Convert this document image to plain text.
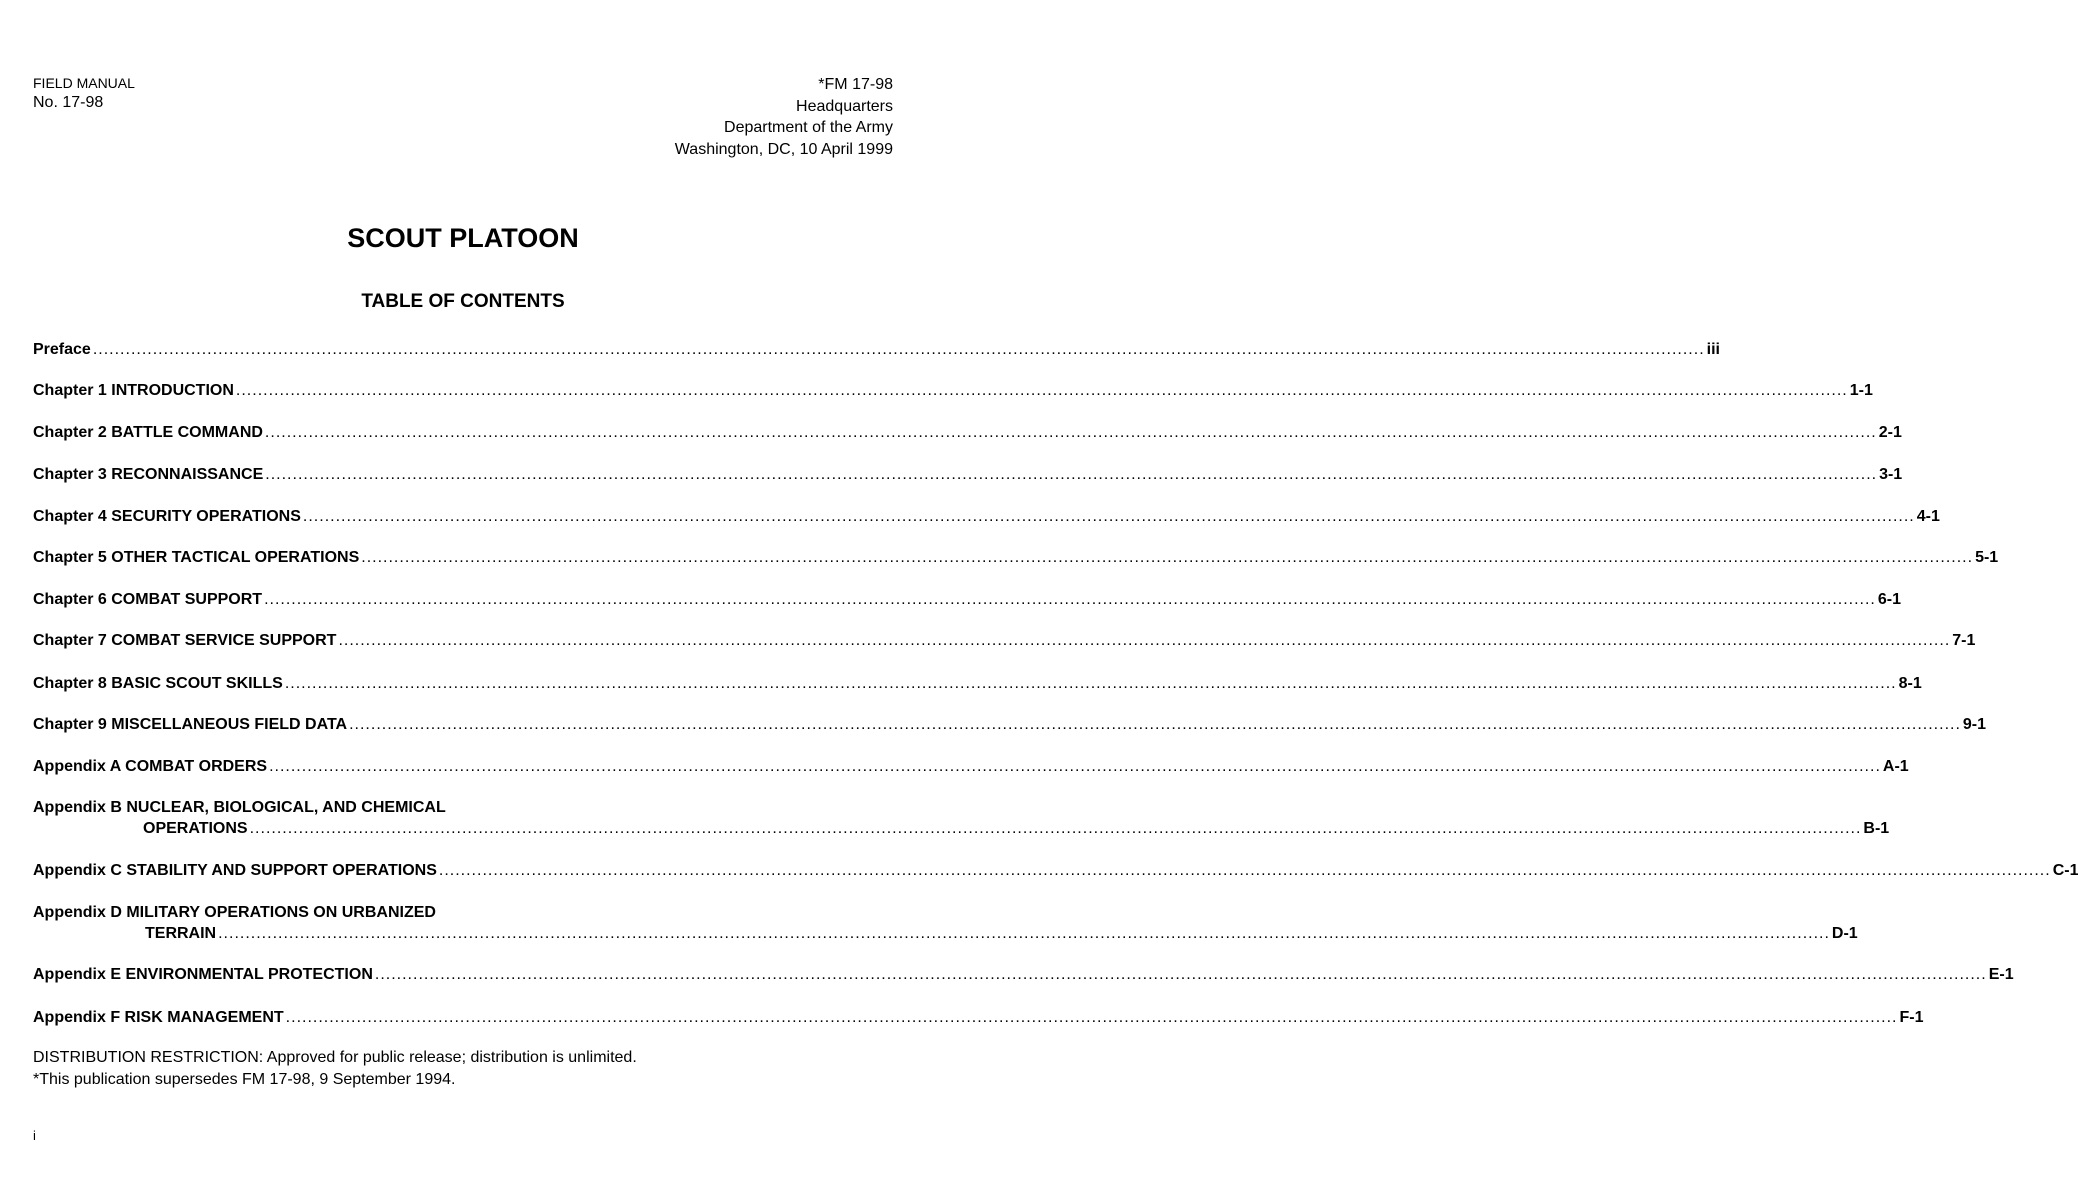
FIELD MANUAL
No. 17-98
*FM 17-98
Headquarters
Department of the Army
Washington, DC, 10 April 1999
SCOUT PLATOON
TABLE OF CONTENTS
Preface .....	iii
Chapter 1 INTRODUCTION .....	1-1
Chapter 2 BATTLE COMMAND .....	2-1
Chapter 3 RECONNAISSANCE .....	3-1
Chapter 4 SECURITY OPERATIONS .....	4-1
Chapter 5 OTHER TACTICAL OPERATIONS .....	5-1
Chapter 6 COMBAT SUPPORT .....	6-1
Chapter 7 COMBAT SERVICE SUPPORT .....	7-1
Chapter 8 BASIC SCOUT SKILLS .....	8-1
Chapter 9 MISCELLANEOUS FIELD DATA .....	9-1
Appendix A COMBAT ORDERS .....	A-1
Appendix B NUCLEAR, BIOLOGICAL, AND CHEMICAL
OPERATIONS .....	B-1
Appendix C STABILITY AND SUPPORT OPERATIONS .....	C-1
Appendix D MILITARY OPERATIONS ON URBANIZED
TERRAIN .....	D-1
Appendix E ENVIRONMENTAL PROTECTION .....	E-1
Appendix F RISK MANAGEMENT .....	F-1
DISTRIBUTION RESTRICTION: Approved for public release; distribution is unlimited.
*This publication supersedes FM 17-98, 9 September 1994.
i
